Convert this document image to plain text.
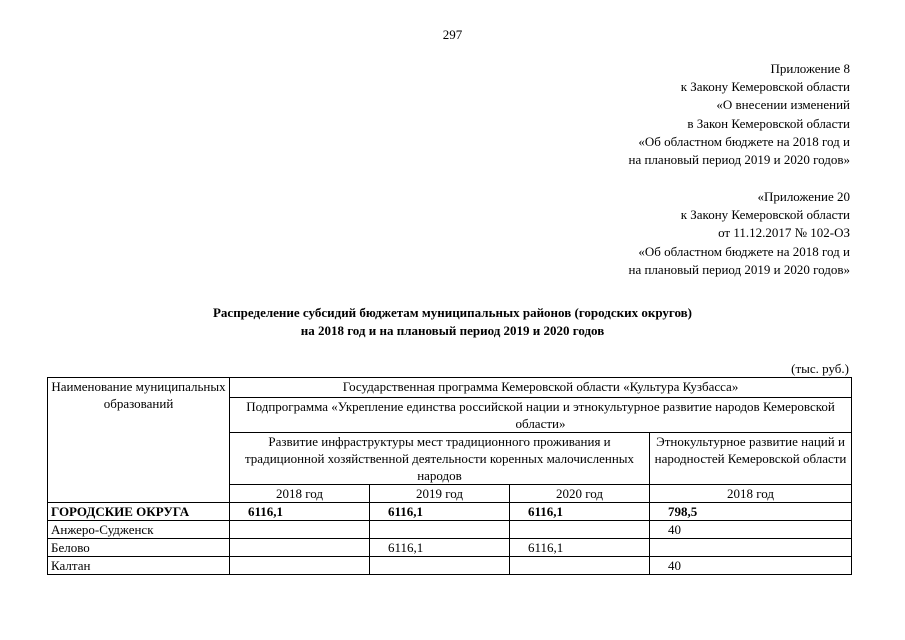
297
Приложение 8
к Закону Кемеровской области
«О внесении изменений
в Закон Кемеровской области
«Об областном бюджете на 2018 год и
на плановый период 2019 и 2020 годов»
«Приложение 20
к Закону Кемеровской области
от 11.12.2017 № 102-ОЗ
«Об областном бюджете на 2018 год и
на плановый период 2019 и 2020 годов»
Распределение субсидий бюджетам муниципальных районов (городских округов)
на 2018 год и на плановый период 2019 и 2020 годов
(тыс. руб.)
Наименование муниципальных образований	Государственная программа Кемеровской области «Культура Кузбасса»			
	Подпрограмма «Укрепление единства российской нации и этнокультурное развитие народов Кемеровской области»			
	Развитие инфраструктуры мест традиционного проживания и традиционной хозяйственной деятельности коренных малочисленных народов			Этнокультурное развитие наций и народностей Кемеровской области
	2018 год	2019 год	2020 год	2018 год
ГОРОДСКИЕ ОКРУГА	6116,1	6116,1	6116,1	798,5
Анжеро-Судженск				40
Белово		6116,1	6116,1	
Калтан				40
